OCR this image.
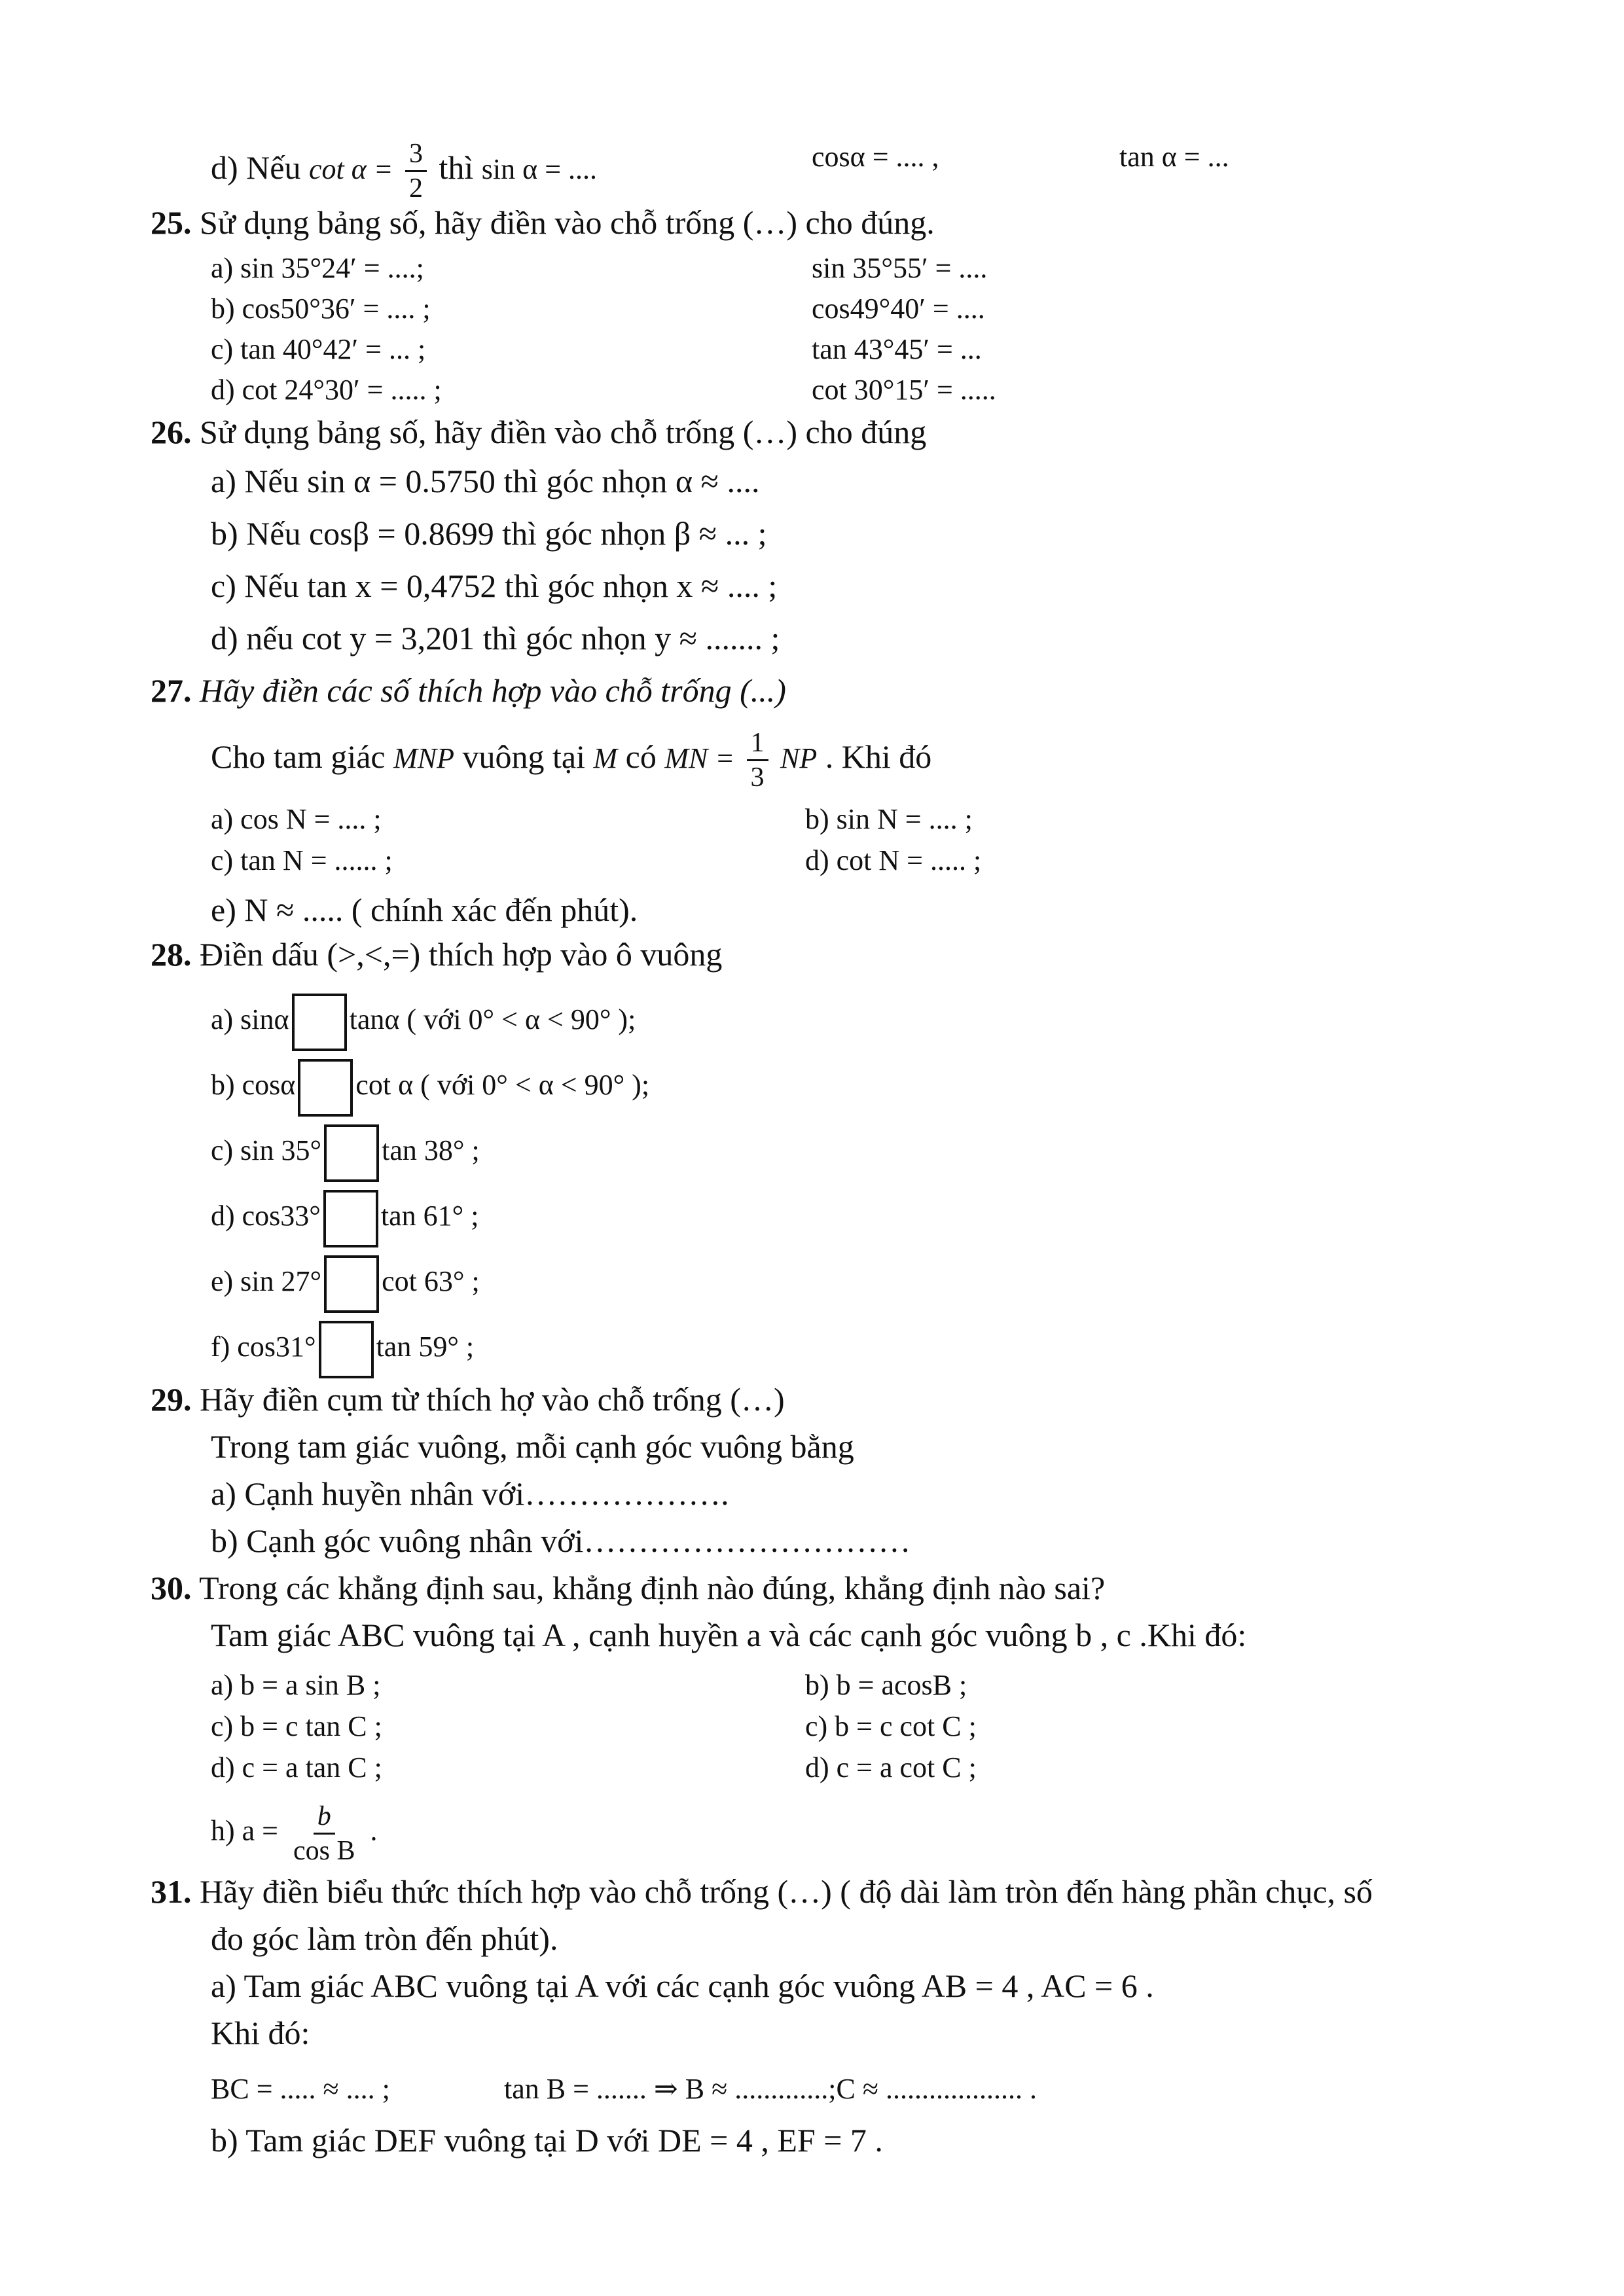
d) Nếu $\cot \alpha = \frac{3}{2}$ thì sin α = ....	cosα = .... ,	tan α = ...
25. Sử dụng bảng số, hãy điền vào chỗ trống (…) cho đúng.
a) sin 35°24′ = ....;	sin 35°55′ = ....
b) cos50°36′ = .... ;	cos49°40′ = ....
c) tan 40°42′ = ... ;	tan 43°45′ = ...
d) cot 24°30′ = ..... ;	cot 30°15′ = .....
26. Sử dụng bảng số, hãy điền vào chỗ trống (…) cho đúng
a) Nếu sin α = 0.5750 thì góc nhọn α ≈ ....
b) Nếu cosβ = 0.8699 thì góc nhọn β ≈ ... ;
c) Nếu tan x = 0,4752 thì góc nhọn x ≈ .... ;
d) nếu cot y = 3,201 thì góc nhọn y ≈ ....... ;
27. Hãy điền các số thích hợp vào chỗ trống (...)
Cho tam giác MNP vuông tại M có MN = $\frac{1}{3}$ NP . Khi đó
a) cos N = .... ;	b) sin N = .... ;
c) tan N = ...... ;	d) cot N = ..... ;
e) N ≈ ..... ( chính xác đến phút).
28. Điền dấu (>,<,=) thích hợp vào ô vuông
a) sinα tanα ( với 0° < α < 90° );
b) cosα cot α ( với 0° < α < 90° );
c) sin 35° tan 38° ;
d) cos33° tan 61° ;
e) sin 27° cot 63° ;
f) cos31° tan 59° ;
29. Hãy điền cụm từ thích hợ vào chỗ trống (…)
Trong tam giác vuông, mỗi cạnh góc vuông bằng
a) Cạnh huyền nhân với……………….
b) Cạnh góc vuông nhân với…………………………
30. Trong các khẳng định sau, khẳng định nào đúng, khẳng định nào sai?
Tam giác ABC vuông tại A , cạnh huyền a và các cạnh góc vuông b , c .Khi đó:
a) b = a sin B ;	b) b = acosB ;
c) b = c tan C ;	c) b = c cot C ;
d) c = a tan C ;	d) c = a cot C ;
h) $a = \frac{b}{\text{cos B}}$ .
31. Hãy điền biểu thức thích hợp vào chỗ trống (…) ( độ dài làm tròn đến hàng phần chục, số
đo góc làm tròn đến phút).
a) Tam giác ABC vuông tại A với các cạnh góc vuông AB = 4 , AC = 6 .
Khi đó:
BC = ..... ≈ .... ;	tan B = ....... ⇒ B ≈ .............;C ≈ ................... .
b) Tam giác DEF vuông tại D với DE = 4 , EF = 7 .
